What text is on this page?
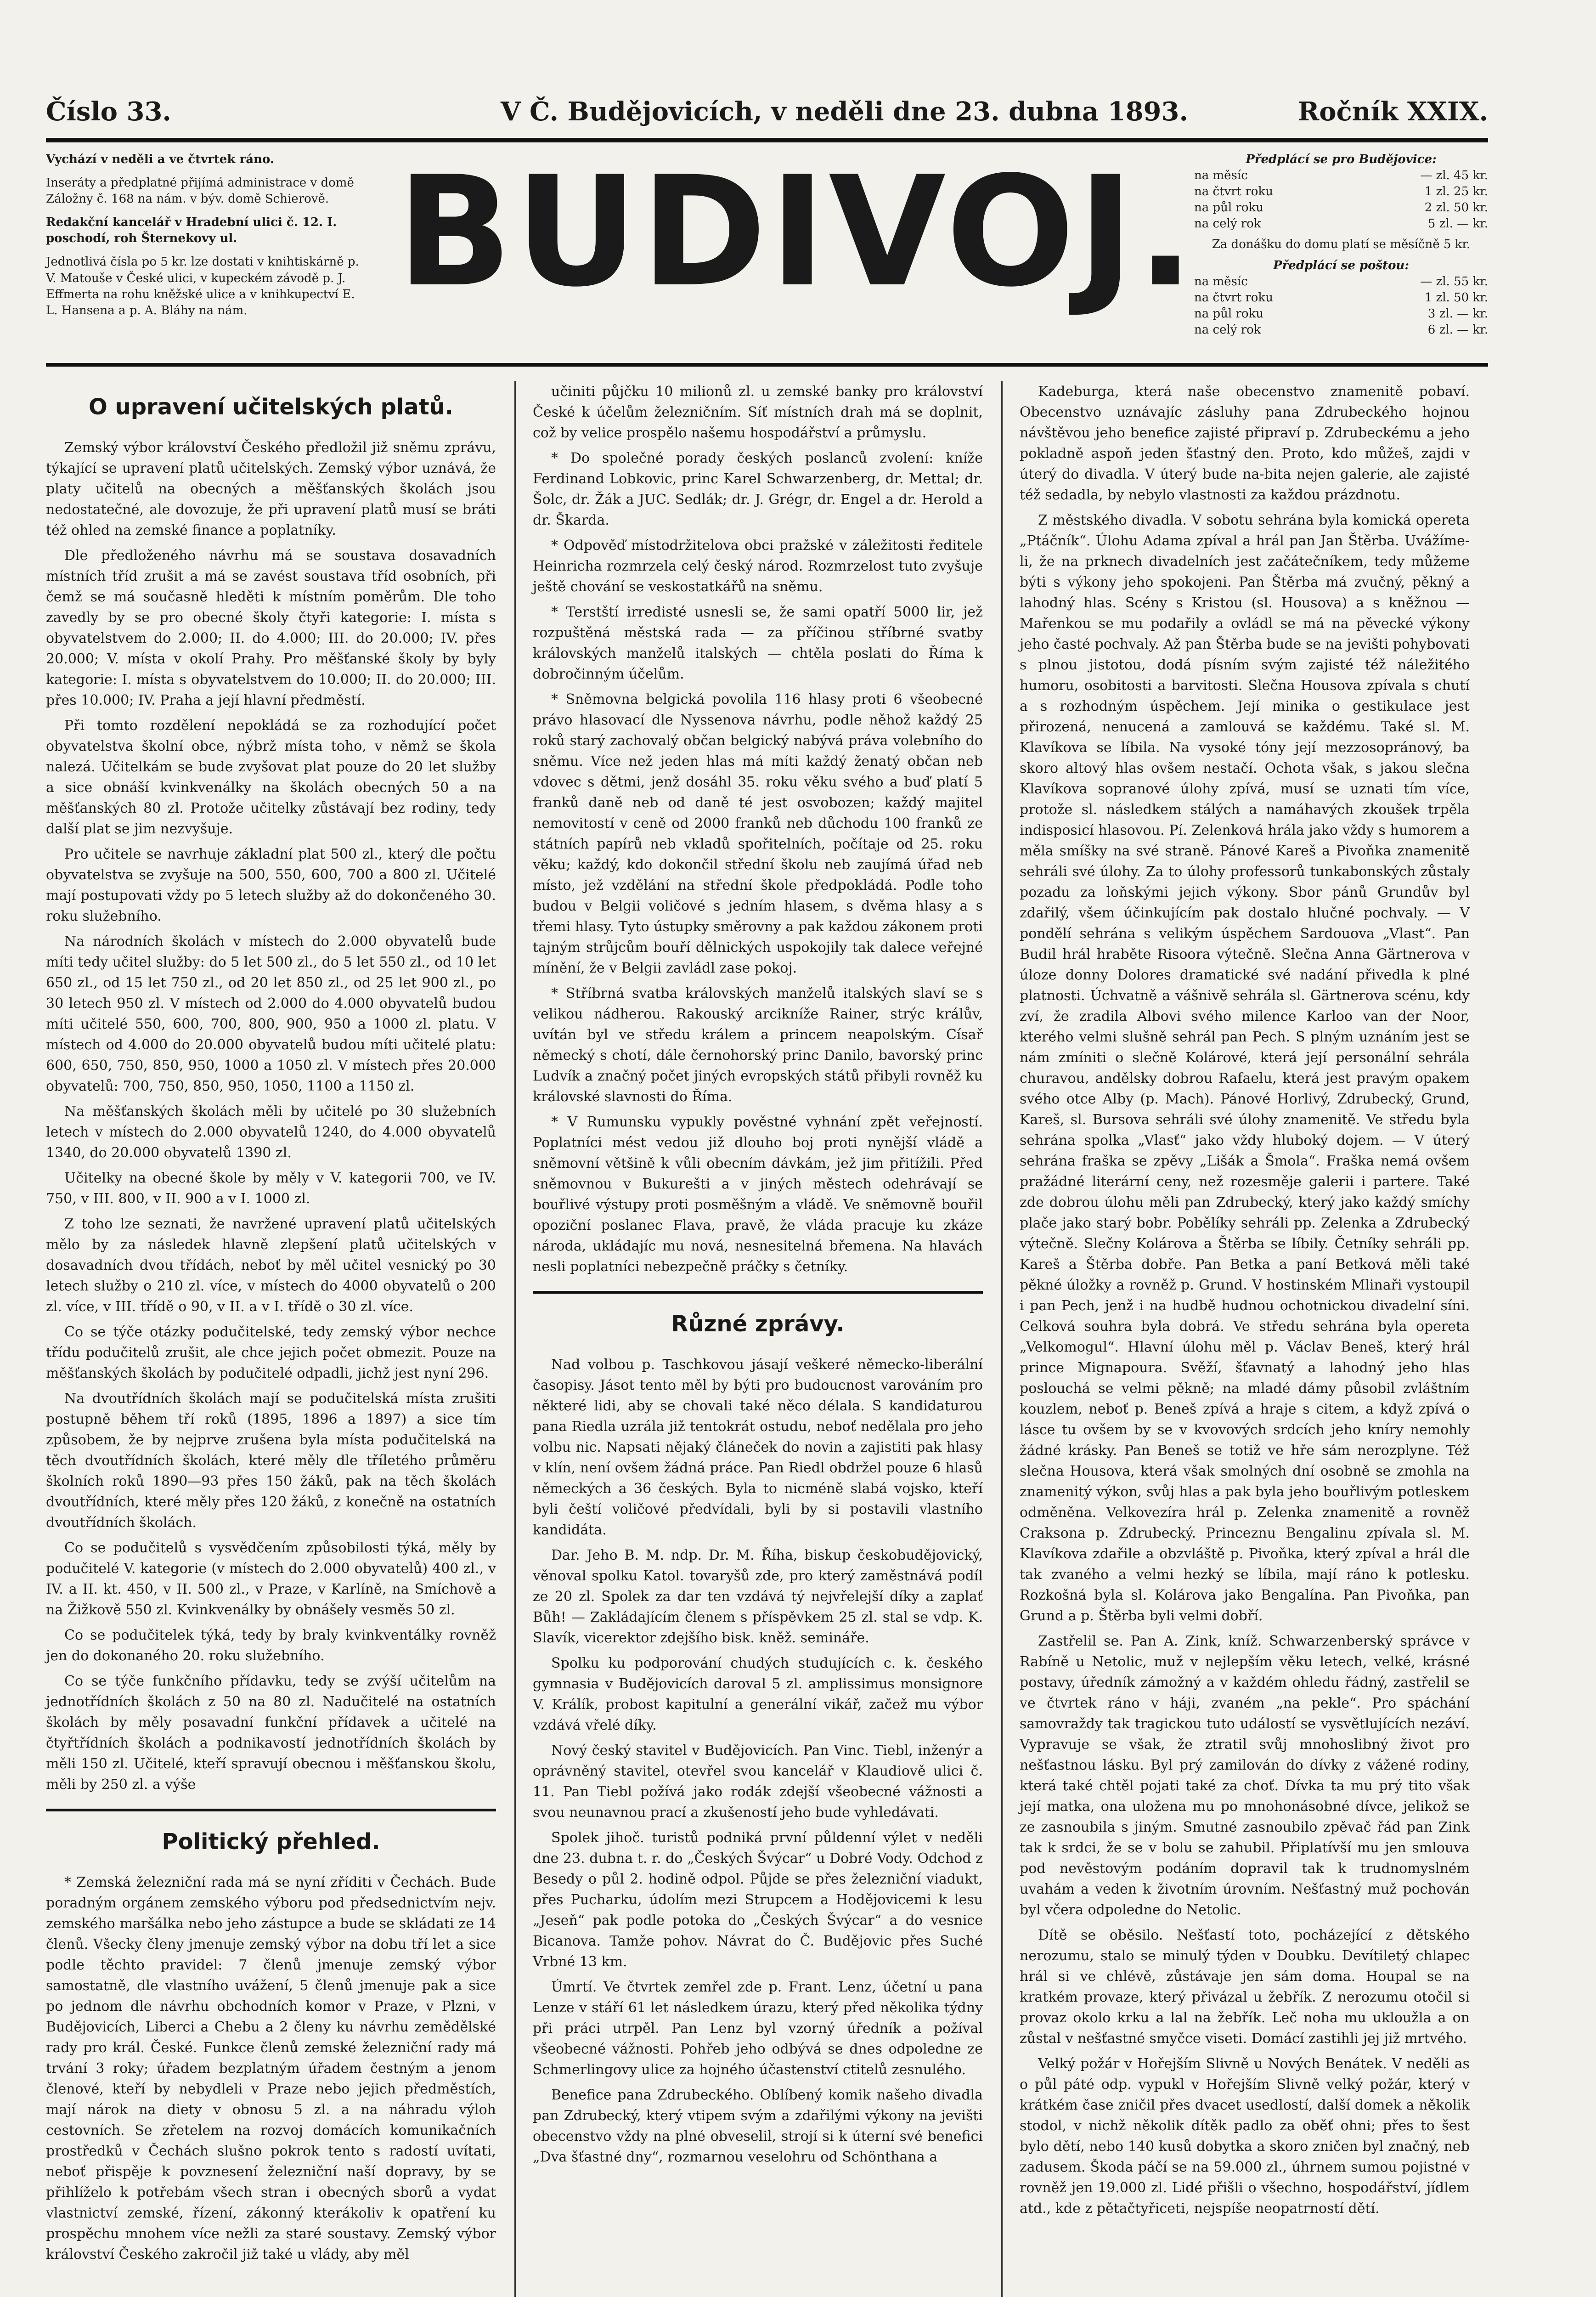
Číslo 33.	V Č. Budějovicích, v neděli dne 23. dubna 1893.	Ročník XXIX.

Vychází v neděli a ve čtvrtek ráno.

Inseráty a předplatné přijímá administrace v domě Záložny č. 168 na nám. v býv. domě Schierově.

Redakční kancelář v Hradební ulici č. 12. I. poschodí, roh Šternekovy ul.

Jednotlivá čísla po 5 kr. lze dostati v knihtiskárně p. V. Matouše v České ulici, v kupeckém závodě p. J. Effmerta na rohu kněžské ulice a v knihkupectví E. L. Hansena a p. A. Bláhy na nám. BUDIVOJ.	Předplácí se pro Budějovice:
na měsíc	— zl. 45 kr.
na čtvrt roku	1 zl. 25 kr.
na půl roku	2 zl. 50 kr.
na celý rok	5 zl. — kr.
Za donášku do domu platí se měsíčně 5 kr.
Předplácí se poštou:
na měsíc	— zl. 55 kr.
na čtvrt roku	1 zl. 50 kr.
na půl roku	3 zl. — kr.
na celý rok	6 zl. — kr.
O upravení učitelských platů.

Zemský výbor království Českého předložil již sněmu zprávu, týkající se upravení platů učitelských. Zemský výbor uznává, že platy učitelů na obecných a měšťanských školách jsou nedostatečné, ale dovozuje, že při upravení platů musí se bráti též ohled na zemské finance a poplatníky.

Dle předloženého návrhu má se soustava dosavadních místních tříd zrušit a má se zavést soustava tříd osobních, při čemž se má současně hleděti k místním poměrům. Dle toho zavedly by se pro obecné školy čtyři kategorie: I. místa s obyvatelstvem do 2.000; II. do 4.000; III. do 20.000; IV. přes 20.000; V. místa v okolí Prahy. Pro měšťanské školy by byly kategorie: I. místa s obyvatelstvem do 10.000; II. do 20.000; III. přes 10.000; IV. Praha a její hlavní předměstí.

Při tomto rozdělení nepokládá se za rozhodující počet obyvatelstva školní obce, nýbrž místa toho, v němž se škola nalezá. Učitelkám se bude zvyšovat plat pouze do 20 let služby a sice obnáší kvinkvenálky na školách obecných 50 a na měšťanských 80 zl. Protože učitelky zůstávají bez rodiny, tedy další plat se jim nezvyšuje.

Pro učitele se navrhuje základní plat 500 zl., který dle počtu obyvatelstva se zvyšuje na 500, 550, 600, 700 a 800 zl. Učitelé mají postupovati vždy po 5 letech služby až do dokončeného 30. roku služebního.

Na národních školách v místech do 2.000 obyvatelů bude míti tedy učitel služby: do 5 let 500 zl., do 5 let 550 zl., od 10 let 650 zl., od 15 let 750 zl., od 20 let 850 zl., od 25 let 900 zl., po 30 letech 950 zl. V místech od 2.000 do 4.000 obyvatelů budou míti učitelé 550, 600, 700, 800, 900, 950 a 1000 zl. platu. V místech od 4.000 do 20.000 obyvatelů budou míti učitelé platu: 600, 650, 750, 850, 950, 1000 a 1050 zl. V místech přes 20.000 obyvatelů: 700, 750, 850, 950, 1050, 1100 a 1150 zl.

Na měšťanských školách měli by učitelé po 30 služebních letech v místech do 2.000 obyvatelů 1240, do 4.000 obyvatelů 1340, do 20.000 obyvatelů 1390 zl.

Učitelky na obecné škole by měly v V. kategorii 700, ve IV. 750, v III. 800, v II. 900 a v I. 1000 zl.

Z toho lze seznati, že navržené upravení platů učitelských mělo by za následek hlavně zlepšení platů učitelských v dosavadních dvou třídách, neboť by měl učitel vesnický po 30 letech služby o 210 zl. více, v místech do 4000 obyvatelů o 200 zl. více, v III. třídě o 90, v II. a v I. třídě o 30 zl. více.

Co se týče otázky podučitelské, tedy zemský výbor nechce třídu podučitelů zrušit, ale chce jejich počet obmezit. Pouze na měšťanských školách by podučitelé odpadli, jichž jest nyní 296.

Na dvoutřídních školách mají se podučitelská místa zrušiti postupně během tří roků (1895, 1896 a 1897) a sice tím způsobem, že by nejprve zrušena byla místa podučitelská na těch dvoutřídních školách, které měly dle tříletého průměru školních roků 1890—93 přes 150 žáků, pak na těch školách dvoutřídních, které měly přes 120 žáků, z konečně na ostatních dvoutřídních školách.

Co se podučitelů s vysvědčením způsobilosti týká, měly by podučitelé V. kategorie (v místech do 2.000 obyvatelů) 400 zl., v IV. a II. kt. 450, v II. 500 zl., v Praze, v Karlíně, na Smíchově a na Žižkově 550 zl. Kvinkvenálky by obnášely vesměs 50 zl.

Co se podučitelek týká, tedy by braly kvinkventálky rovněž jen do dokonaného 20. roku služebního.

Co se týče funkčního přídavku, tedy se zvýší učitelům na jednotřídních školách z 50 na 80 zl. Nadučitelé na ostatních školách by měly posavadní funkční přídavek a učitelé na čtyřtřídních školách a podnikavostí jednotřídních školách by měli 150 zl. Učitelé, kteří spravují obecnou i měšťanskou školu, měli by 250 zl. a výše

Politický přehled.

* Zemská železniční rada má se nyní zříditi v Čechách. Bude poradným orgánem zemského výboru pod předsednictvím nejv. zemského maršálka nebo jeho zástupce a bude se skládati ze 14 členů. Všecky členy jmenuje zemský výbor na dobu tří let a sice podle těchto pravidel: 7 členů jmenuje zemský výbor samostatně, dle vlastního uvážení, 5 členů jmenuje pak a sice po jednom dle návrhu obchodních komor v Praze, v Plzni, v Budějovicích, Liberci a Chebu a 2 členy ku návrhu zemědělské rady pro král. České. Funkce členů zemské železniční rady má trvání 3 roky; úřadem bezplatným úřadem čestným a jenom členové, kteří by nebydleli v Praze nebo jejich předměstích, mají nárok na diety v obnosu 5 zl. a na náhradu výloh cestovních. Se zřetelem na rozvoj domácích komunikačních prostředků v Čechách slušno pokrok tento s radostí uvítati, neboť přispěje k povznesení železniční naší dopravy, by se přihlíželo k potřebám všech stran i obecných sborů a vydat vlastnictví zemské, řízení, zákonný kterákoliv k opatření ku prospěchu mnohem více nežli za staré soustavy. Zemský výbor království Českého zakročil již také u vlády, aby měl

učiniti půjčku 10 milionů zl. u zemské banky pro království České k účelům železničním. Síť místních drah má se doplnit, což by velice prospělo našemu hospodářství a průmyslu.

* Do společné porady českých poslanců zvolení: kníže Ferdinand Lobkovic, princ Karel Schwarzenberg, dr. Mettal; dr. Šolc, dr. Žák a JUC. Sedlák; dr. J. Grégr, dr. Engel a dr. Herold a dr. Škarda.

* Odpověď místodržitelova obci pražské v záležitosti ředitele Heinricha rozmrzela celý český národ. Rozmrzelost tuto zvyšuje ještě chování se veskostatkářů na sněmu.

* Terstští irredisté usnesli se, že sami opatří 5000 lir, jež rozpuštěná městská rada — za příčinou stříbrné svatby královských manželů italských — chtěla poslati do Říma k dobročinným účelům.

* Sněmovna belgická povolila 116 hlasy proti 6 všeobecné právo hlasovací dle Nyssenova návrhu, podle něhož každý 25 roků starý zachovalý občan belgický nabývá práva volebního do sněmu. Více než jeden hlas má míti každý ženatý občan neb vdovec s dětmi, jenž dosáhl 35. roku věku svého a buď platí 5 franků daně neb od daně té jest osvobozen; každý majitel nemovitostí v ceně od 2000 franků neb důchodu 100 franků ze státních papírů neb vkladů spořitelních, počítaje od 25. roku věku; každý, kdo dokončil střední školu neb zaujímá úřad neb místo, jež vzdělání na střední škole předpokládá. Podle toho budou v Belgii voličové s jedním hlasem, s dvěma hlasy a s třemi hlasy. Tyto ústupky směrovny a pak každou zákonem proti tajným strůjcům bouří dělnických uspokojily tak dalece veřejné mínění, že v Belgii zavládl zase pokoj.

* Stříbrná svatba královských manželů italských slaví se s velikou nádherou. Rakouský arcikníže Rainer, strýc králův, uvítán byl ve středu králem a princem neapolským. Císař německý s chotí, dále černohorský princ Danilo, bavorský princ Ludvík a značný počet jiných evropských států přibyli rovněž ku královské slavnosti do Říma.

* V Rumunsku vypukly pověstné vyhnání zpět veřejností. Poplatníci mést vedou již dlouho boj proti nynější vládě a sněmovní většině k vůli obecním dávkám, jež jim přitížili. Před sněmovnou v Bukurešti a v jiných městech odehrávají se bouřlivé výstupy proti posměšným a vládě. Ve sněmovně bouřil opoziční poslanec Flava, pravě, že vláda pracuje ku zkáze národa, ukládajíc mu nová, nesnesitelná břemena. Na hlavách nesli poplatníci nebezpečně práčky s četníky.

Různé zprávy.

Nad volbou p. Taschkovou jásají veškeré německo-liberální časopisy. Jásot tento měl by býti pro budoucnost varováním pro některé lidi, aby se chovali také něco délala. S kandidaturou pana Riedla uzrála již tentokrát ostudu, neboť nedělala pro jeho volbu nic. Napsati nějaký článeček do novin a zajistiti pak hlasy v klín, není ovšem žádná práce. Pan Riedl obdržel pouze 6 hlasů německých a 36 českých. Byla to nicméně slabá vojsko, kteří byli čeští voličové předvídali, byli by si postavili vlastního kandidáta.

Dar. Jeho B. M. ndp. Dr. M. Říha, biskup českobudějovický, věnoval spolku Katol. tovaryšů zde, pro který zaměstnává podíl ze 20 zl. Spolek za dar ten vzdává tý nejvřelejší díky a zaplať Bůh! — Zakládajícím členem s příspěvkem 25 zl. stal se vdp. K. Slavík, vicerektor zdejšího bisk. kněž. semináře.

Spolku ku podporování chudých studujících c. k. českého gymnasia v Budějovicích daroval 5 zl. amplissimus monsignore V. Králík, probost kapitulní a generální vikář, začež mu výbor vzdává vřelé díky.

Nový český stavitel v Budějovicích. Pan Vinc. Tiebl, inženýr a oprávněný stavitel, otevřel svou kancelář v Klaudiově ulici č. 11. Pan Tiebl požívá jako rodák zdejší všeobecné vážnosti a svou neunavnou prací a zkušeností jeho bude vyhledávati.

Spolek jihoč. turistů podniká první půldenní výlet v neděli dne 23. dubna t. r. do „Českých Švýcar“ u Dobré Vody. Odchod z Besedy o půl 2. hodině odpol. Půjde se přes železniční viadukt, přes Pucharku, údolím mezi Strupcem a Hodějovicemi k lesu „Jeseň“ pak podle potoka do „Českých Švýcar“ a do vesnice Bicanova. Tamže pohov. Návrat do Č. Budějovic přes Suché Vrbné 13 km.

Úmrtí. Ve čtvrtek zemřel zde p. Frant. Lenz, účetní u pana Lenze v stáří 61 let následkem úrazu, který před několika týdny při práci utrpěl. Pan Lenz byl vzorný úředník a požíval všeobecné vážnosti. Pohřeb jeho odbývá se dnes odpoledne ze Schmerlingovy ulice za hojného účastenství ctitelů zesnulého.

Benefice pana Zdrubeckého. Oblíbený komik našeho divadla pan Zdrubecký, který vtipem svým a zdařilými výkony na jevišti obecenstvo vždy na plné obveselil, strojí si k úterní své benefici „Dva šťastné dny“, rozmarnou veselohru od Schönthana a

Kadeburga, která naše obecenstvo znamenitě pobaví. Obecenstvo uznávajíc zásluhy pana Zdrubeckého hojnou návštěvou jeho benefice zajisté připraví p. Zdrubeckému a jeho pokladně aspoň jeden šťastný den. Proto, kdo můžeš, zajdi v úterý do divadla. V úterý bude na-bita nejen galerie, ale zajisté též sedadla, by nebylo vlastnosti za každou prázdnotu.

Z městského divadla. V sobotu sehrána byla komická opereta „Ptáčník“. Úlohu Adama zpíval a hrál pan Jan Štěrba. Uvážíme-li, že na prknech divadelních jest začátečníkem, tedy můžeme býti s výkony jeho spokojeni. Pan Štěrba má zvučný, pěkný a lahodný hlas. Scény s Kristou (sl. Housova) a s kněžnou — Mařenkou se mu podařily a ovládl se má na pěvecké výkony jeho časté pochvaly. Až pan Štěrba bude se na jevišti pohybovati s plnou jistotou, dodá písním svým zajisté též náležitého humoru, osobitosti a barvitosti. Slečna Housova zpívala s chutí a s rozhodným úspěchem. Její minika o gestikulace jest přirozená, nenucená a zamlouvá se každému. Také sl. M. Klavíkova se líbila. Na vysoké tóny její mezzosopránový, ba skoro altový hlas ovšem nestačí. Ochota však, s jakou slečna Klavíkova sopranové úlohy zpívá, musí se uznati tím více, protože sl. následkem stálých a namáhavých zkoušek trpěla indisposicí hlasovou. Pí. Zelenková hrála jako vždy s humorem a měla smíšky na své straně. Pánové Kareš a Pivoňka znamenitě sehráli své úlohy. Za to úlohy professorů tunkabonských zůstaly pozadu za loňskými jejich výkony. Sbor pánů Grundův byl zdařilý, všem účinkujícím pak dostalo hlučné pochvaly. — V pondělí sehrána s velikým úspěchem Sardouova „Vlast“. Pan Budil hrál hraběte Risoora výtečně. Slečna Anna Gärtnerova v úloze donny Dolores dramatické své nadání přivedla k plné platnosti. Úchvatně a vášnivě sehrála sl. Gärtnerova scénu, kdy zví, že zradila Albovi svého milence Karloo van der Noor, kterého velmi slušně sehrál pan Pech. S plným uznáním jest se nám zmíniti o slečně Kolárové, která její personální sehrála churavou, andělsky dobrou Rafaelu, která jest pravým opakem svého otce Alby (p. Mach). Pánové Horlivý, Zdrubecký, Grund, Kareš, sl. Bursova sehráli své úlohy znamenitě. Ve středu byla sehrána spolka „Vlasť“ jako vždy hluboký dojem. — V úterý sehrána fraška se zpěvy „Lišák a Šmola“. Fraška nemá ovšem pražádné literární ceny, než rozesměje galerii i partere. Také zde dobrou úlohu měli pan Zdrubecký, který jako každý smíchy plače jako starý bobr. Pobělíky sehráli pp. Zelenka a Zdrubecký výtečně. Slečny Kolárova a Štěrba se líbily. Četníky sehráli pp. Kareš a Štěrba dobře. Pan Betka a paní Betková měli také pěkné úložky a rovněž p. Grund. V hostinském Mlinaři vystoupil i pan Pech, jenž i na hudbě hudnou ochotnickou divadelní síni. Celková souhra byla dobrá. Ve středu sehrána byla opereta „Velkomogul“. Hlavní úlohu měl p. Václav Beneš, který hrál prince Mignapoura. Svěží, šťavnatý a lahodný jeho hlas poslouchá se velmi pěkně; na mladé dámy působil zvláštním kouzlem, neboť p. Beneš zpívá a hraje s citem, a když zpívá o lásce tu ovšem by se v kvovových srdcích jeho kníry nemohly žádné krásky. Pan Beneš se totiž ve hře sám nerozplyne. Též slečna Housova, která však smolných dní osobně se zmohla na znamenitý výkon, svůj hlas a pak byla jeho bouřlivým potleskem odměněna. Velkovezíra hrál p. Zelenka znamenitě a rovněž Craksona p. Zdrubecký. Princeznu Bengalinu zpívala sl. M. Klavíkova zdařile a obzvláště p. Pivoňka, který zpíval a hrál dle tak zvaného a velmi hezký se líbila, mají ráno k potlesku. Rozkošná byla sl. Kolárova jako Bengalína. Pan Pivoňka, pan Grund a p. Štěrba byli velmi dobří.

Zastřelil se. Pan A. Zink, kníž. Schwarzenberský správce v Rabíně u Netolic, muž v nejlepším věku letech, velké, krásné postavy, úředník zámožný a v každém ohledu řádný, zastřelil se ve čtvrtek ráno v háji, zvaném „na pekle“. Pro spáchání samovraždy tak tragickou tuto událostí se vysvětlujících nezáví. Vypravuje se však, že ztratil svůj mnohoslibný život pro nešťastnou lásku. Byl prý zamilován do dívky z vážené rodiny, která také chtěl pojati také za choť. Dívka ta mu prý tito však její matka, ona uložena mu po mnohonásobné dívce, jelikož se ze zasnoubila s jiným. Smutné zasnoubilo zpěvač řád pan Zink tak k srdci, že se v bolu se zahubil. Připlatívší mu jen smlouva pod nevěstovým podáním dopravil tak k trudnomyslném uvahám a veden k životním úrovním. Nešťastný muž pochován byl včera odpoledne do Netolic.

Dítě se oběsilo. Nešťastí toto, pocházející z dětského nerozumu, stalo se minulý týden v Doubku. Devítiletý chlapec hrál si ve chlévě, zůstávaje jen sám doma. Houpal se na kratkém provaze, který přivázal u žebřík. Z nerozumu otočil si provaz okolo krku a lal na žebřík. Leč noha mu ukloužla a on zůstal v nešťastné smyčce viseti. Domácí zastihli jej již mrtvého.

Velký požár v Hořejším Slivně u Nových Benátek. V neděli as o půl páté odp. vypukl v Hořejším Slivně velký požár, který v krátkém čase zničil přes dvacet usedlostí, další domek a několik stodol, v nichž několik dítěk padlo za oběť ohni; přes to šest bylo dětí, nebo 140 kusů dobytka a skoro zničen byl značný, neb zadusem. Škoda páčí se na 59.000 zl., úhrnem sumou pojistné v rovněž jen 19.000 zl. Lidé přišli o všechno, hospodářství, jídlem atd., kde z pětačtyřiceti, nejspíše neopatrností dětí.
